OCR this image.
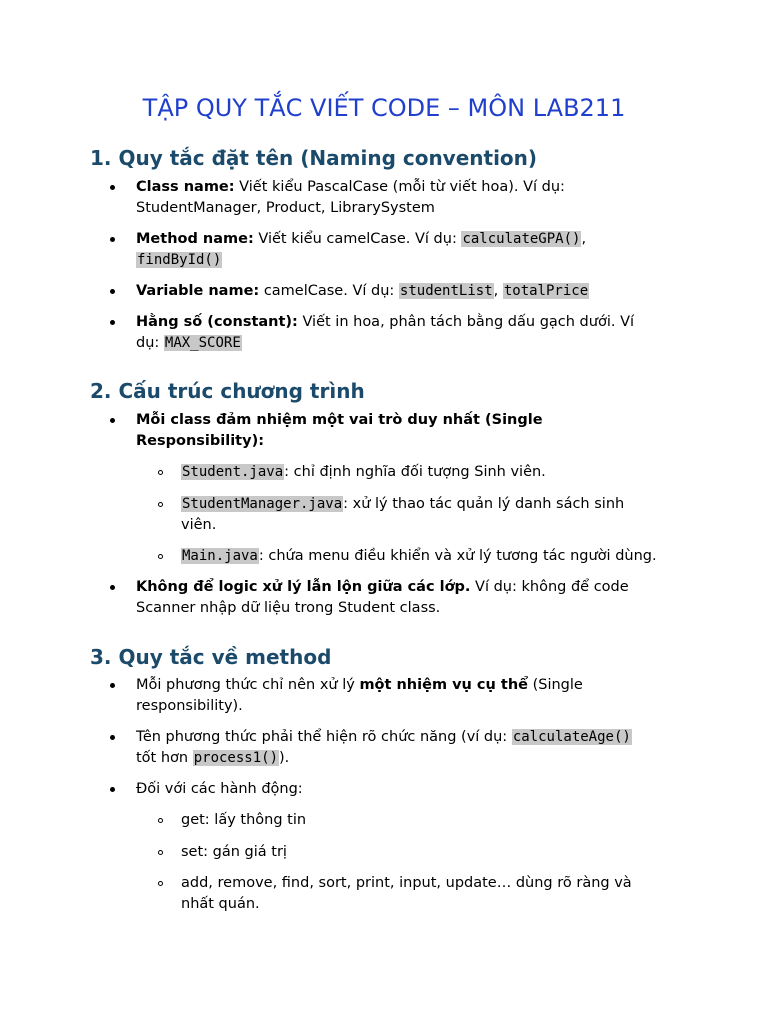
TẬP QUY TẮC VIẾT CODE – MÔN LAB211
1. Quy tắc đặt tên (Naming convention)
Class name: Viết kiểu PascalCase (mỗi từ viết hoa). Ví dụ:
StudentManager, Product, LibrarySystem
Method name: Viết kiểu camelCase. Ví dụ: calculateGPA(),
findById()
Variable name: camelCase. Ví dụ: studentList, totalPrice
Hằng số (constant): Viết in hoa, phân tách bằng dấu gạch dưới. Ví
dụ: MAX_SCORE
2. Cấu trúc chương trình
Mỗi class đảm nhiệm một vai trò duy nhất (Single
Responsibility):
Student.java: chỉ định nghĩa đối tượng Sinh viên.
StudentManager.java: xử lý thao tác quản lý danh sách sinh
viên.
Main.java: chứa menu điều khiển và xử lý tương tác người dùng.
Không để logic xử lý lẫn lộn giữa các lớp. Ví dụ: không để code
Scanner nhập dữ liệu trong Student class.
3. Quy tắc về method
Mỗi phương thức chỉ nên xử lý một nhiệm vụ cụ thể (Single
responsibility).
Tên phương thức phải thể hiện rõ chức năng (ví dụ: calculateAge()
tốt hơn process1()).
Đối với các hành động:
get: lấy thông tin
set: gán giá trị
add, remove, find, sort, print, input, update… dùng rõ ràng và
nhất quán.
